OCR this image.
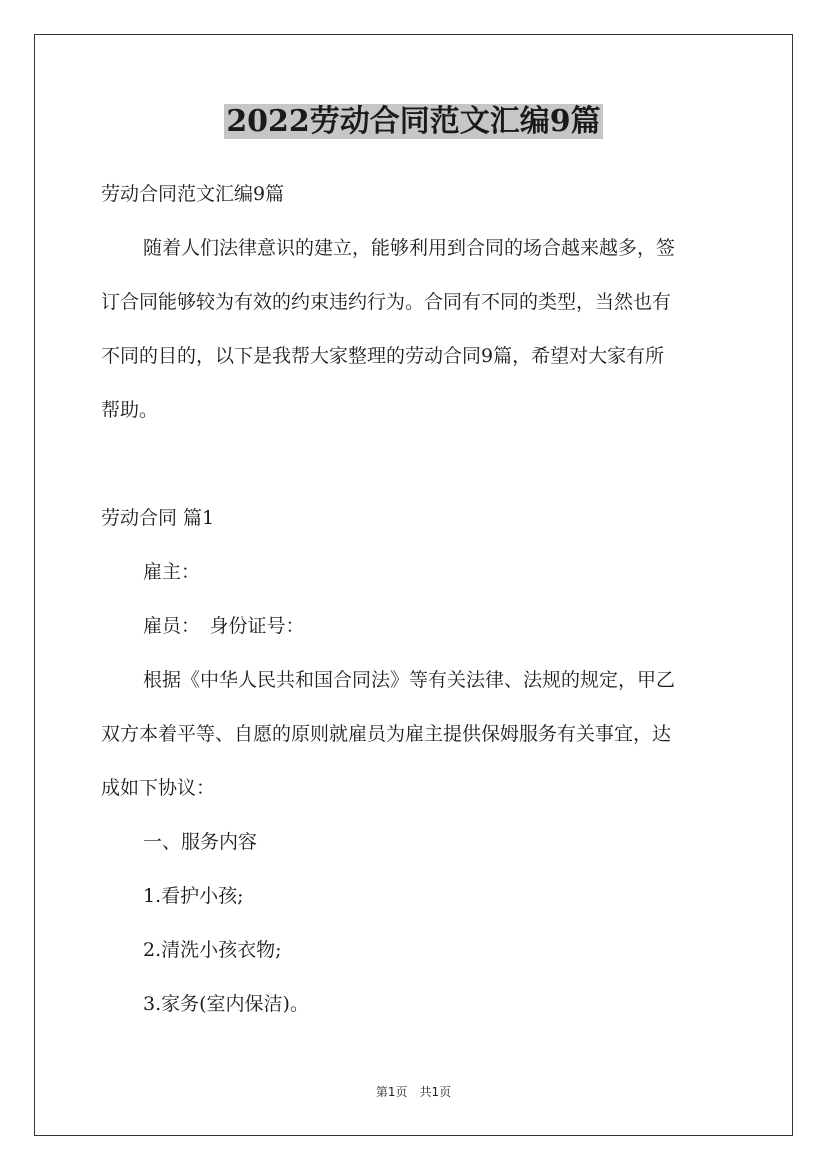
2022劳动合同范文汇编9篇

劳动合同范文汇编9篇

随着人们法律意识的建立，能够利用到合同的场合越来越多，签

订合同能够较为有效的约束违约行为。合同有不同的类型，当然也有

不同的目的，以下是我帮大家整理的劳动合同9篇，希望对大家有所

帮助。

劳动合同 篇1

雇主：

雇员：　身份证号：

根据《中华人民共和国合同法》等有关法律、法规的规定，甲乙

双方本着平等、自愿的原则就雇员为雇主提供保姆服务有关事宜，达

成如下协议：

一、服务内容

1.看护小孩;

2.清洗小孩衣物;

3.家务(室内保洁)。

第1页　共1页
